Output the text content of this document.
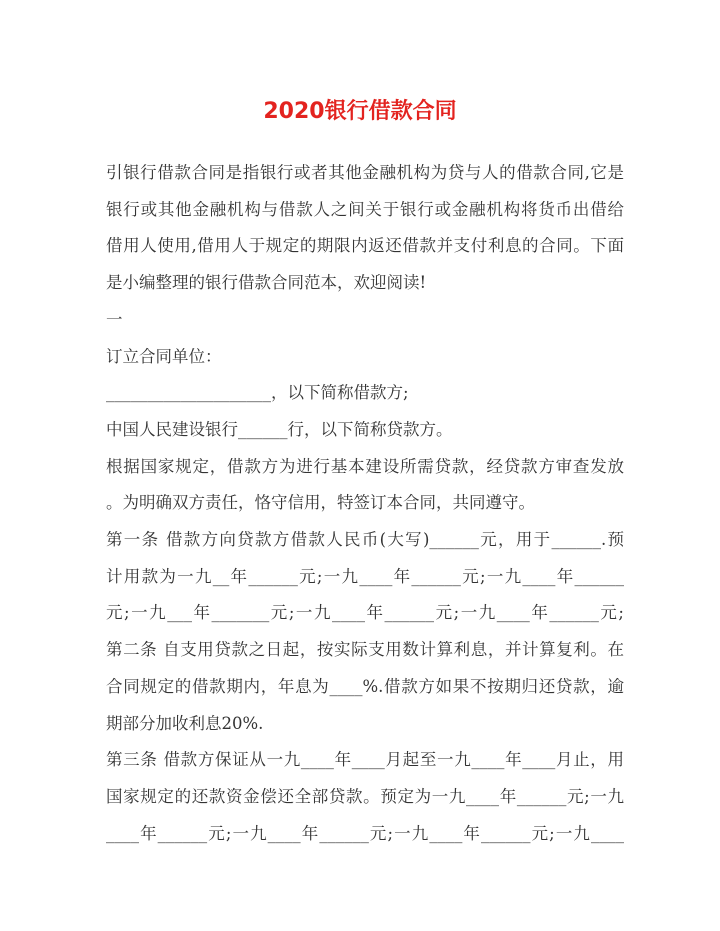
2020银行借款合同
引银行借款合同是指银行或者其他金融机构为贷与人的借款合同,它是
银行或其他金融机构与借款人之间关于银行或金融机构将货币出借给
借用人使用,借用人于规定的期限内返还借款并支付利息的合同。下面
是小编整理的银行借款合同范本，欢迎阅读!
一
订立合同单位：
____________________，以下简称借款方;
中国人民建设银行______行，以下简称贷款方。
根据国家规定，借款方为进行基本建设所需贷款，经贷款方审查发放
。为明确双方责任，恪守信用，特签订本合同，共同遵守。
第一条 借款方向贷款方借款人民币(大写)______元，用于______.预
计用款为一九__年______元;一九____年______元;一九____年______
元;一九___年_______元;一九____年______元;一九____年______元;
第二条 自支用贷款之日起，按实际支用数计算利息，并计算复利。在
合同规定的借款期内，年息为____%.借款方如果不按期归还贷款，逾
期部分加收利息20%.
第三条 借款方保证从一九____年____月起至一九____年____月止，用
国家规定的还款资金偿还全部贷款。预定为一九____年______元;一九
____年______元;一九____年______元;一九____年______元;一九____
